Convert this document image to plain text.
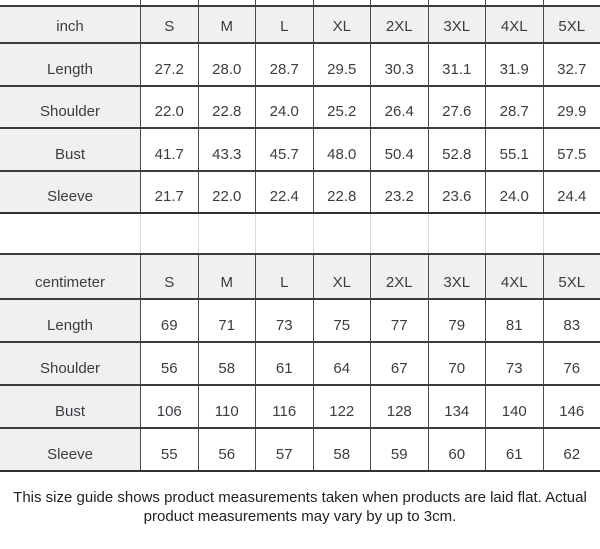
inch	S	M	L	XL	2XL	3XL	4XL	5XL
Length	27.2	28.0	28.7	29.5	30.3	31.1	31.9	32.7
Shoulder	22.0	22.8	24.0	25.2	26.4	27.6	28.7	29.9
Bust	41.7	43.3	45.7	48.0	50.4	52.8	55.1	57.5
Sleeve	21.7	22.0	22.4	22.8	23.2	23.6	24.0	24.4
centimeter	S	M	L	XL	2XL	3XL	4XL	5XL
Length	69	71	73	75	77	79	81	83
Shoulder	56	58	61	64	67	70	73	76
Bust	106	110	116	122	128	134	140	146
Sleeve	55	56	57	58	59	60	61	62
This size guide shows product measurements taken when products are laid flat. Actual
product measurements may vary by up to 3cm.
